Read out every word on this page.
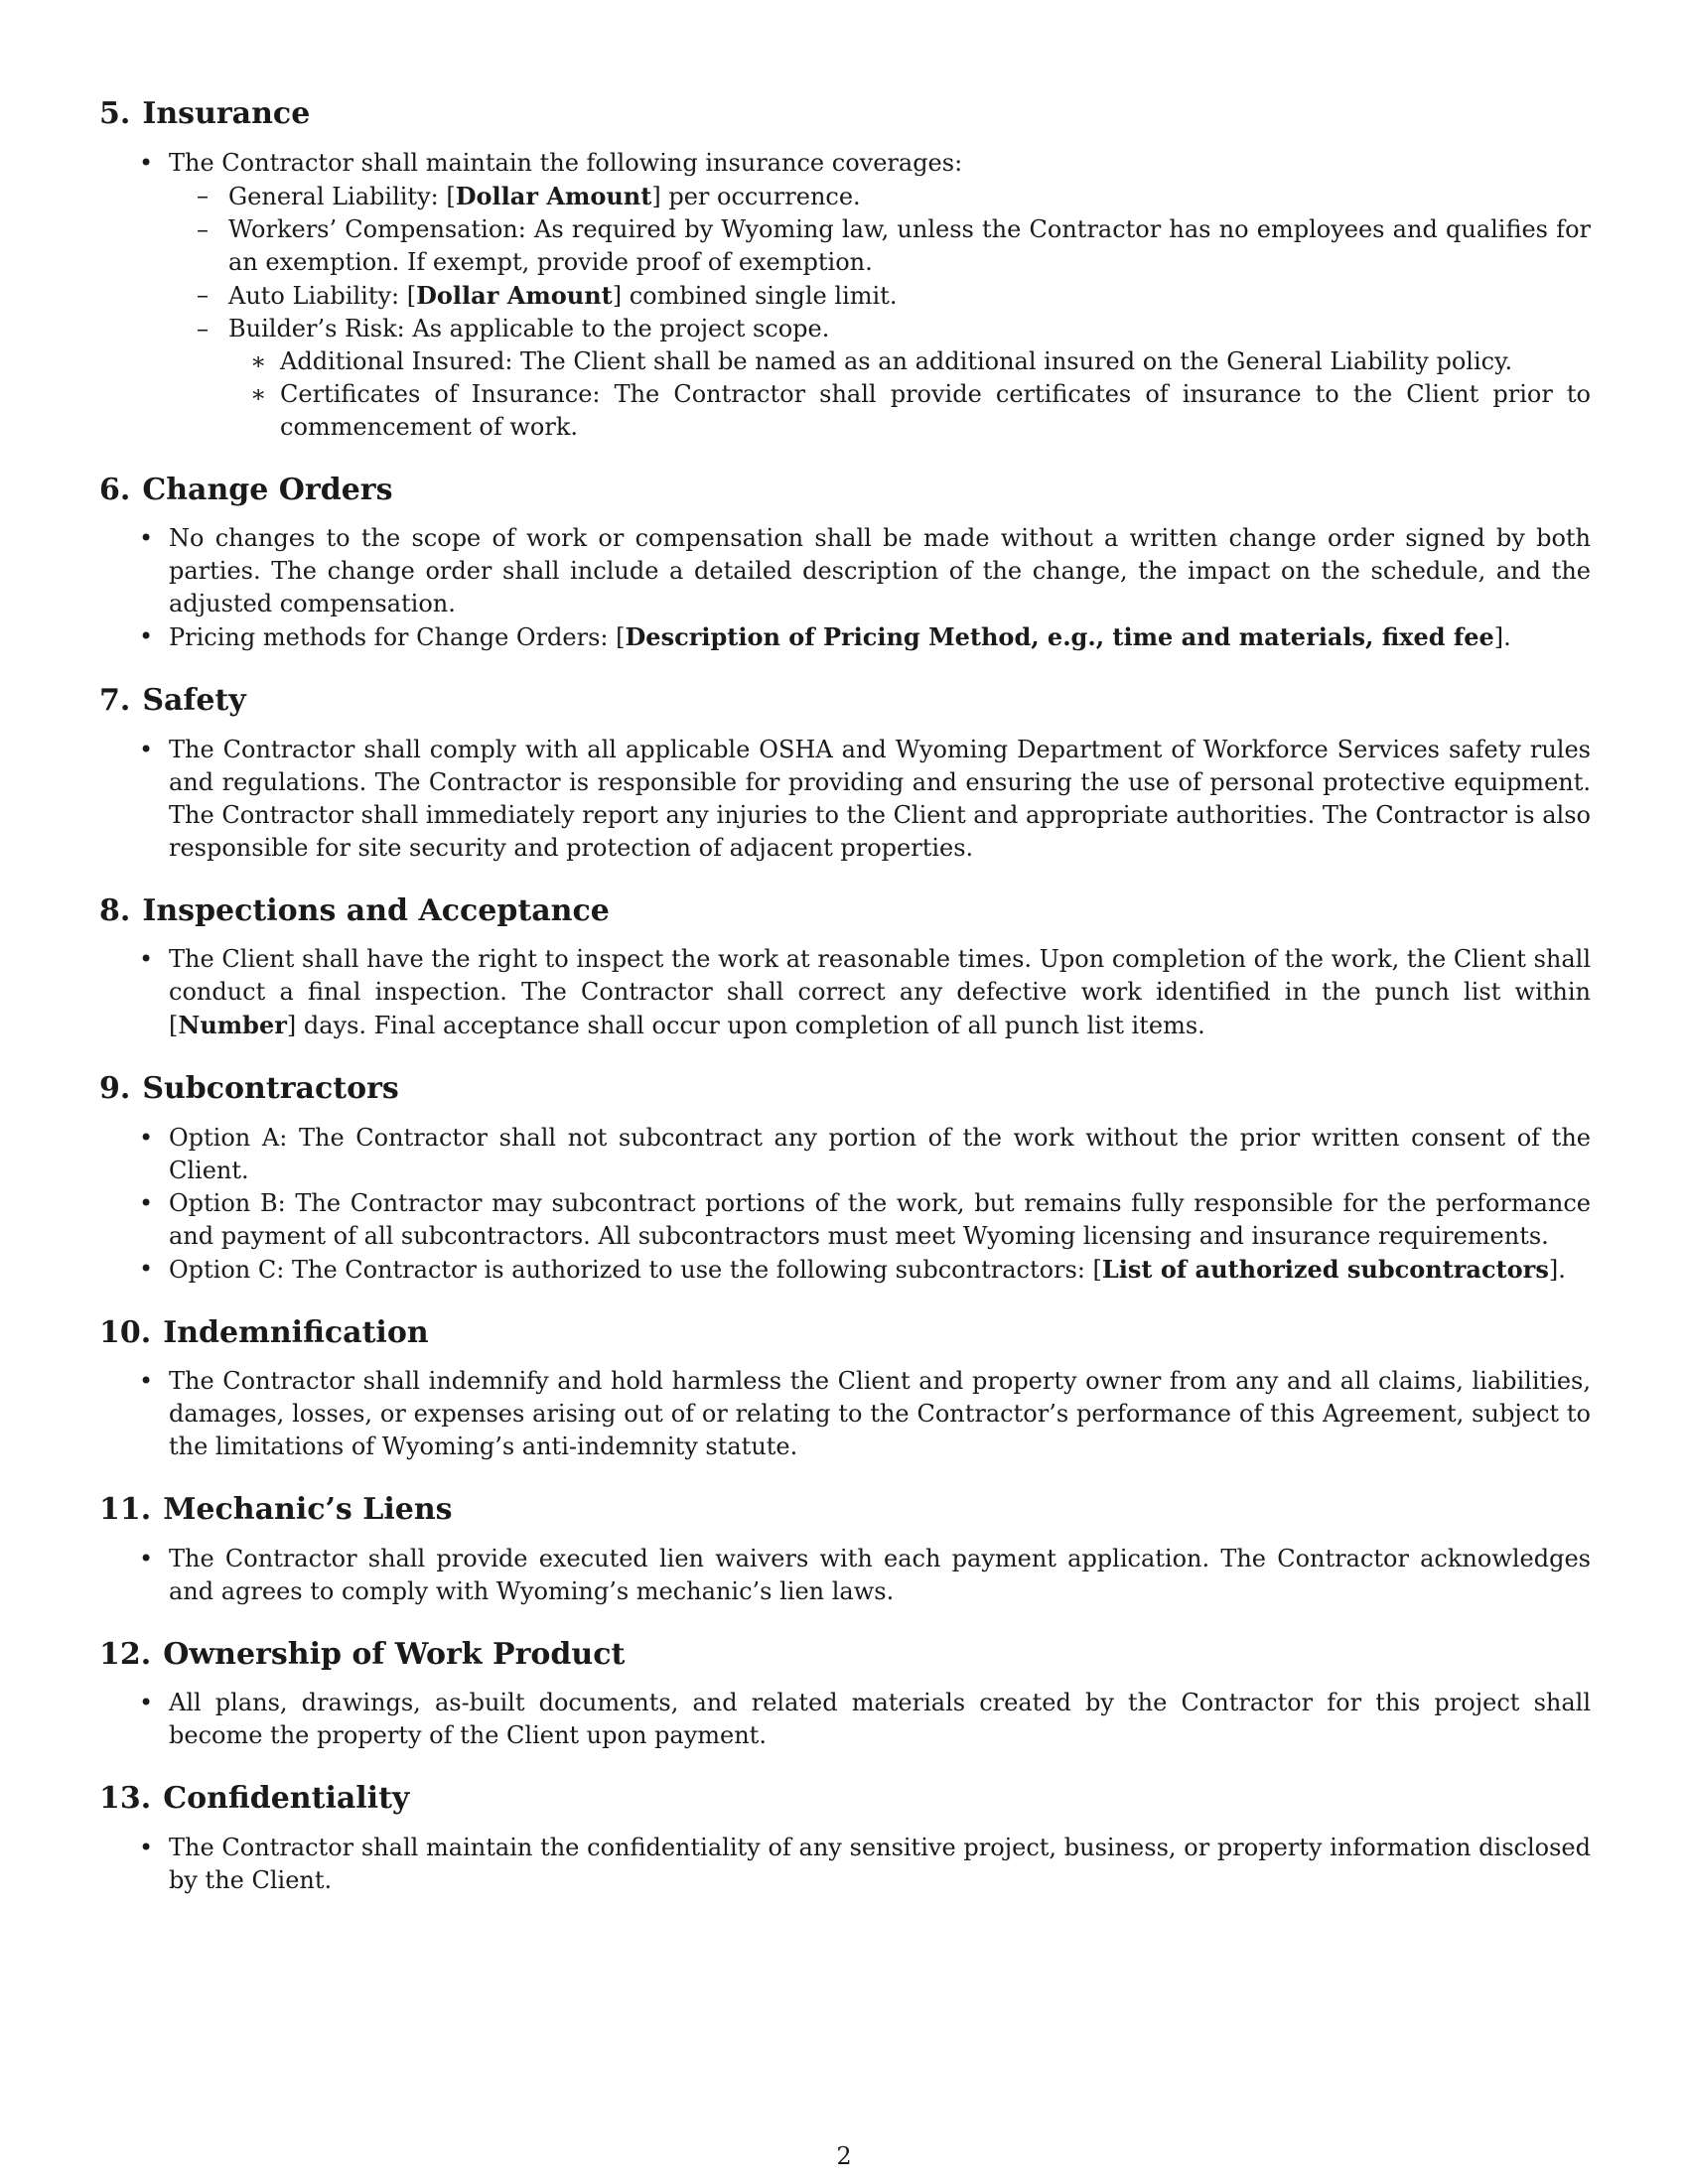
5. Insurance
• The Contractor shall maintain the following insurance coverages:
– General Liability: [Dollar Amount] per occurrence.
– Workers’ Compensation: As required by Wyoming law, unless the Contractor has no employees and qualifies for an exemption. If exempt, provide proof of exemption.
– Auto Liability: [Dollar Amount] combined single limit.
– Builder’s Risk: As applicable to the project scope.
∗ Additional Insured: The Client shall be named as an additional insured on the General Liability policy.
∗ Certificates of Insurance: The Contractor shall provide certificates of insurance to the Client prior to commencement of work.
6. Change Orders
• No changes to the scope of work or compensation shall be made without a written change order signed by both parties. The change order shall include a detailed description of the change, the impact on the schedule, and the adjusted compensation.
• Pricing methods for Change Orders: [Description of Pricing Method, e.g., time and materials, fixed fee].
7. Safety
• The Contractor shall comply with all applicable OSHA and Wyoming Department of Workforce Services safety rules and regulations. The Contractor is responsible for providing and ensuring the use of personal protective equipment. The Contractor shall immediately report any injuries to the Client and appropriate authorities. The Contractor is also responsible for site security and protection of adjacent properties.
8. Inspections and Acceptance
• The Client shall have the right to inspect the work at reasonable times. Upon completion of the work, the Client shall conduct a final inspection. The Contractor shall correct any defective work identified in the punch list within [Number] days. Final acceptance shall occur upon completion of all punch list items.
9. Subcontractors
• Option A: The Contractor shall not subcontract any portion of the work without the prior written consent of the Client.
• Option B: The Contractor may subcontract portions of the work, but remains fully responsible for the performance and payment of all subcontractors. All subcontractors must meet Wyoming licensing and insurance requirements.
• Option C: The Contractor is authorized to use the following subcontractors: [List of authorized subcontractors].
10. Indemnification
• The Contractor shall indemnify and hold harmless the Client and property owner from any and all claims, liabilities, damages, losses, or expenses arising out of or relating to the Contractor’s performance of this Agreement, subject to the limitations of Wyoming’s anti-indemnity statute.
11. Mechanic’s Liens
• The Contractor shall provide executed lien waivers with each payment application. The Contractor acknowledges and agrees to comply with Wyoming’s mechanic’s lien laws.
12. Ownership of Work Product
• All plans, drawings, as-built documents, and related materials created by the Contractor for this project shall become the property of the Client upon payment.
13. Confidentiality
• The Contractor shall maintain the confidentiality of any sensitive project, business, or property information disclosed by the Client.
2
